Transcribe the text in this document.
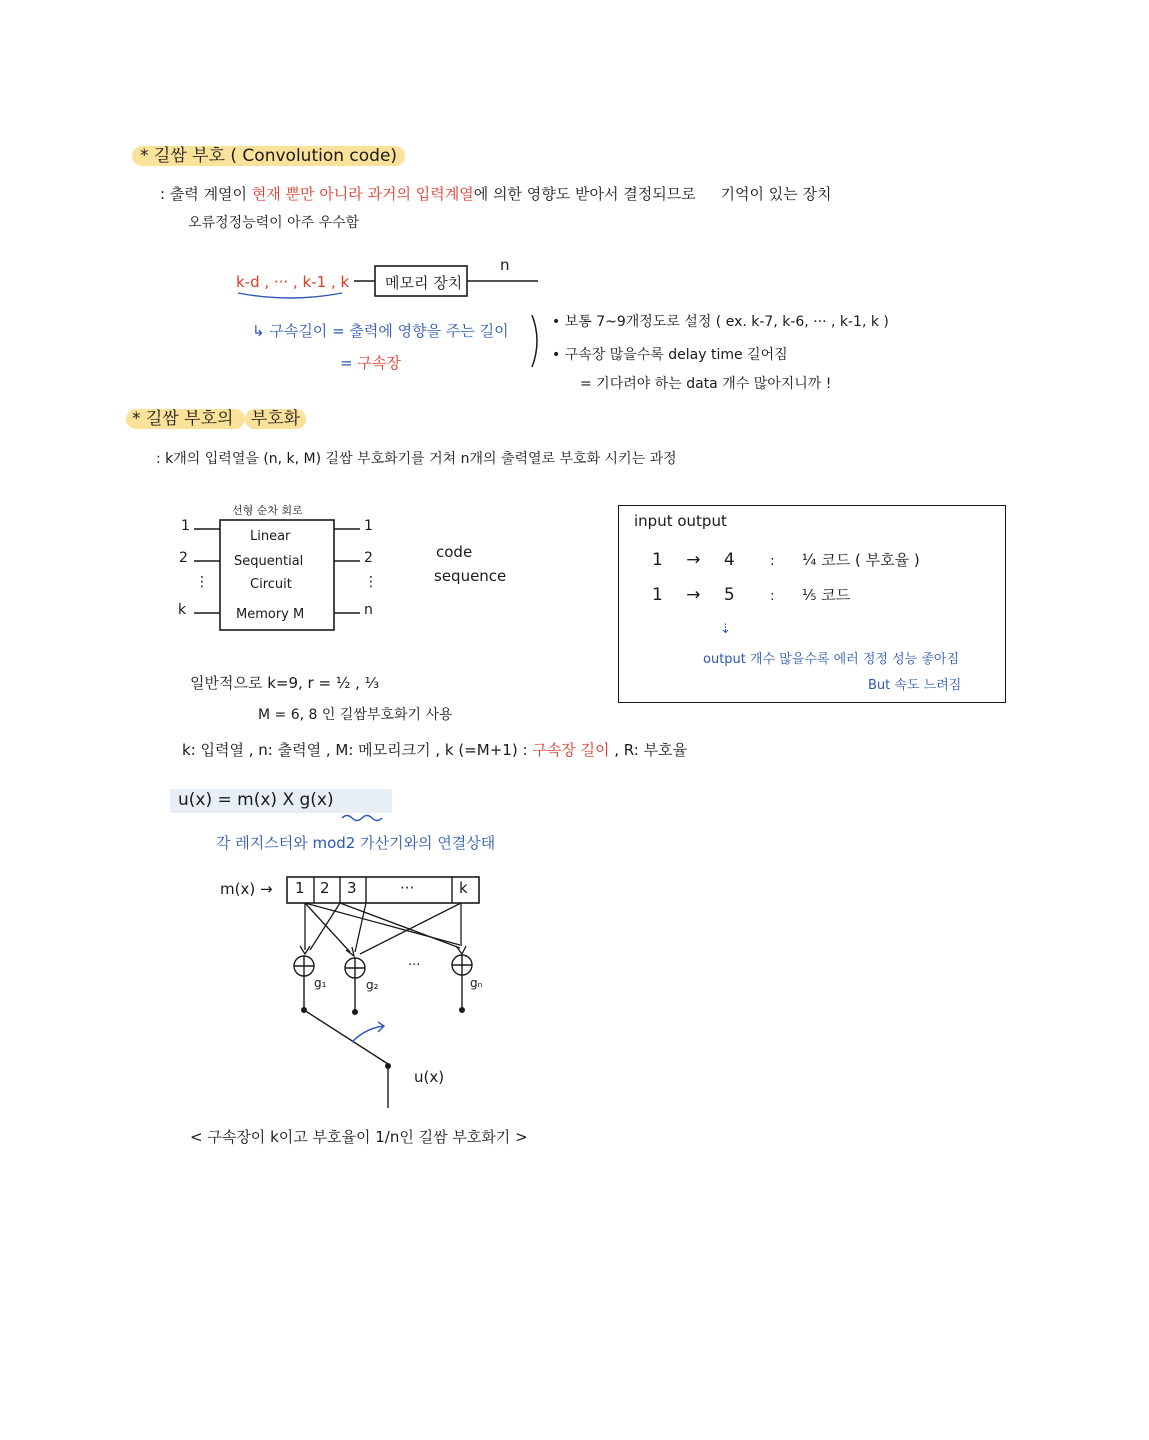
* 길쌈 부호 ( Convolution code)
: 출력 계열이 현재 뿐만 아니라 과거의 입력계열에 의한 영향도 받아서 결정되므로 기억이 있는 장치
오류정정능력이 아주 우수함
k-d , ··· , k-1 , k 메모리 장치
n
↳ 구속길이 = 출력에 영향을 주는 길이
= 구속장
• 보통 7~9개정도로 설정 ( ex. k-7, k-6, ··· , k-1, k )
• 구속장 많을수록 delay time 길어짐
= 기다려야 하는 data 개수 많아지니까 !
* 길쌈 부호의 부호화
: k개의 입력열을 (n, k, M) 길쌈 부호화기를 거쳐 n개의 출력열로 부호화 시키는 과정
선형 순차 회로
1
2
⋮
k
1
2
⋮
n
Linear
Sequential
Circuit
Memory M
code
sequence
input output
1 → 4	: ¼ 코드 ( 부호율 )
1 → 5	: ⅕ 코드
⇣
output 개수 많을수록 에러 정정 성능 좋아짐
But 속도 느려짐
일반적으로 k=9, r = ½ , ⅓
M = 6, 8 인 길쌈부호화기 사용
k: 입력열 , n: 출력열 , M: 메모리크기 , k (=M+1) : 구속장 길이 , R: 부호율
u(x) = m(x) X g(x)
각 레지스터와 mod2 가산기와의 연결상태
m(x) → 1 2 3	···	k
···
g₁	g₂	gₙ
u(x)
< 구속장이 k이고 부호율이 1/n인 길쌈 부호화기 >
